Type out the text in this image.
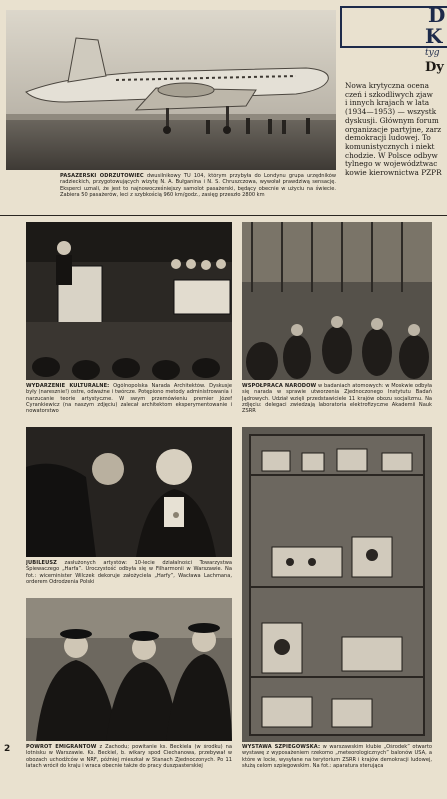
D
K
tyg
Dy
Nowa krytyczna ocena
czeń i szkodliwych zjaw
i innych krajach w lata
(1934—1953) — wszystk
dyskusji. Głównym forum
organizacje partyjne, zarz
demokracji ludowej. To
komunistycznych i niekt
chodzie. W Polsce odbyw
tylnego w województwac
kowie kierownictwa PZPR
PASAŻERSKI ODRZUTOWIEC dwusilnikowy TU 104, którym przybyła do Londynu grupa urzędników radzieckich, przygotowujących wizytę N. A. Bułganina i N. S. Chruszczowa, wywołał prawdziwą sensację. Eksperci uznali, że jest to najnowocześniejszy samolot pasażerski, będący obecnie w użyciu na świecie. Zabiera 50 pasażerów, leci z szybkością 960 km/godz., zasięg przeszło 2800 km
WYDARZENIE KULTURALNE: Ogólnopolska Narada Architektów. Dyskusje były (naresznie!) ostre, odważne i twórcze. Potępiono metody administrowania i narzucanie teorie artystyczne. W swym przemówieniu premier Józef Cyrankiewicz (na naszym zdjęciu) zalecał architektom eksperymentowanie i nowatorstwo
WSPÓŁPRACA NARODÓW w badaniach atomowych: w Moskwie odbyła się narada w sprawie utworzenia Zjednoczonego Instytutu Badań Jądrowych. Udział wzięli przedstawiciele 11 krajów obozu socjalizmu. Na zdjęciu: delegaci zwiedzają laboratoria elektrofizyczne Akademii Nauk ZSRR
JUBILEUSZ zasłużonych artystów: 10-lecie działalności Towarzystwa Śpiewaczego „Harfa”. Uroczystość odbyła się w Filharmonii w Warszawie. Na fot.: wiceminister Wilczek dekoruje założyciela „Harfy”, Wacława Lachmana, orderem Odrodzenia Polski
2	POWRÓT EMIGRANTÓW z Zachodu; powitanie ks. Beckiela (w środku) na lotnisku w Warszawie. Ks. Beckiel, b. wikary spod Ciechanowa, przebywał w obozach uchodźców w NRF, później mieszkał w Stanach Zjednoczonych. Po 11 latach wrócił do kraju i wraca obecnie także do pracy duszpasterskiej
WYSTAWA SZPIEGOWSKA: w warszawskim klubie „Ośrodek” otwarto wystawę z wyposażeniem rzekomo „meteorologicznych” balonów USA, a które w locie, wysyłane na terytorium ZSRR i krajów demokracji ludowej, służą celom szpiegowskim. Na fot.: aparatura sterująca
